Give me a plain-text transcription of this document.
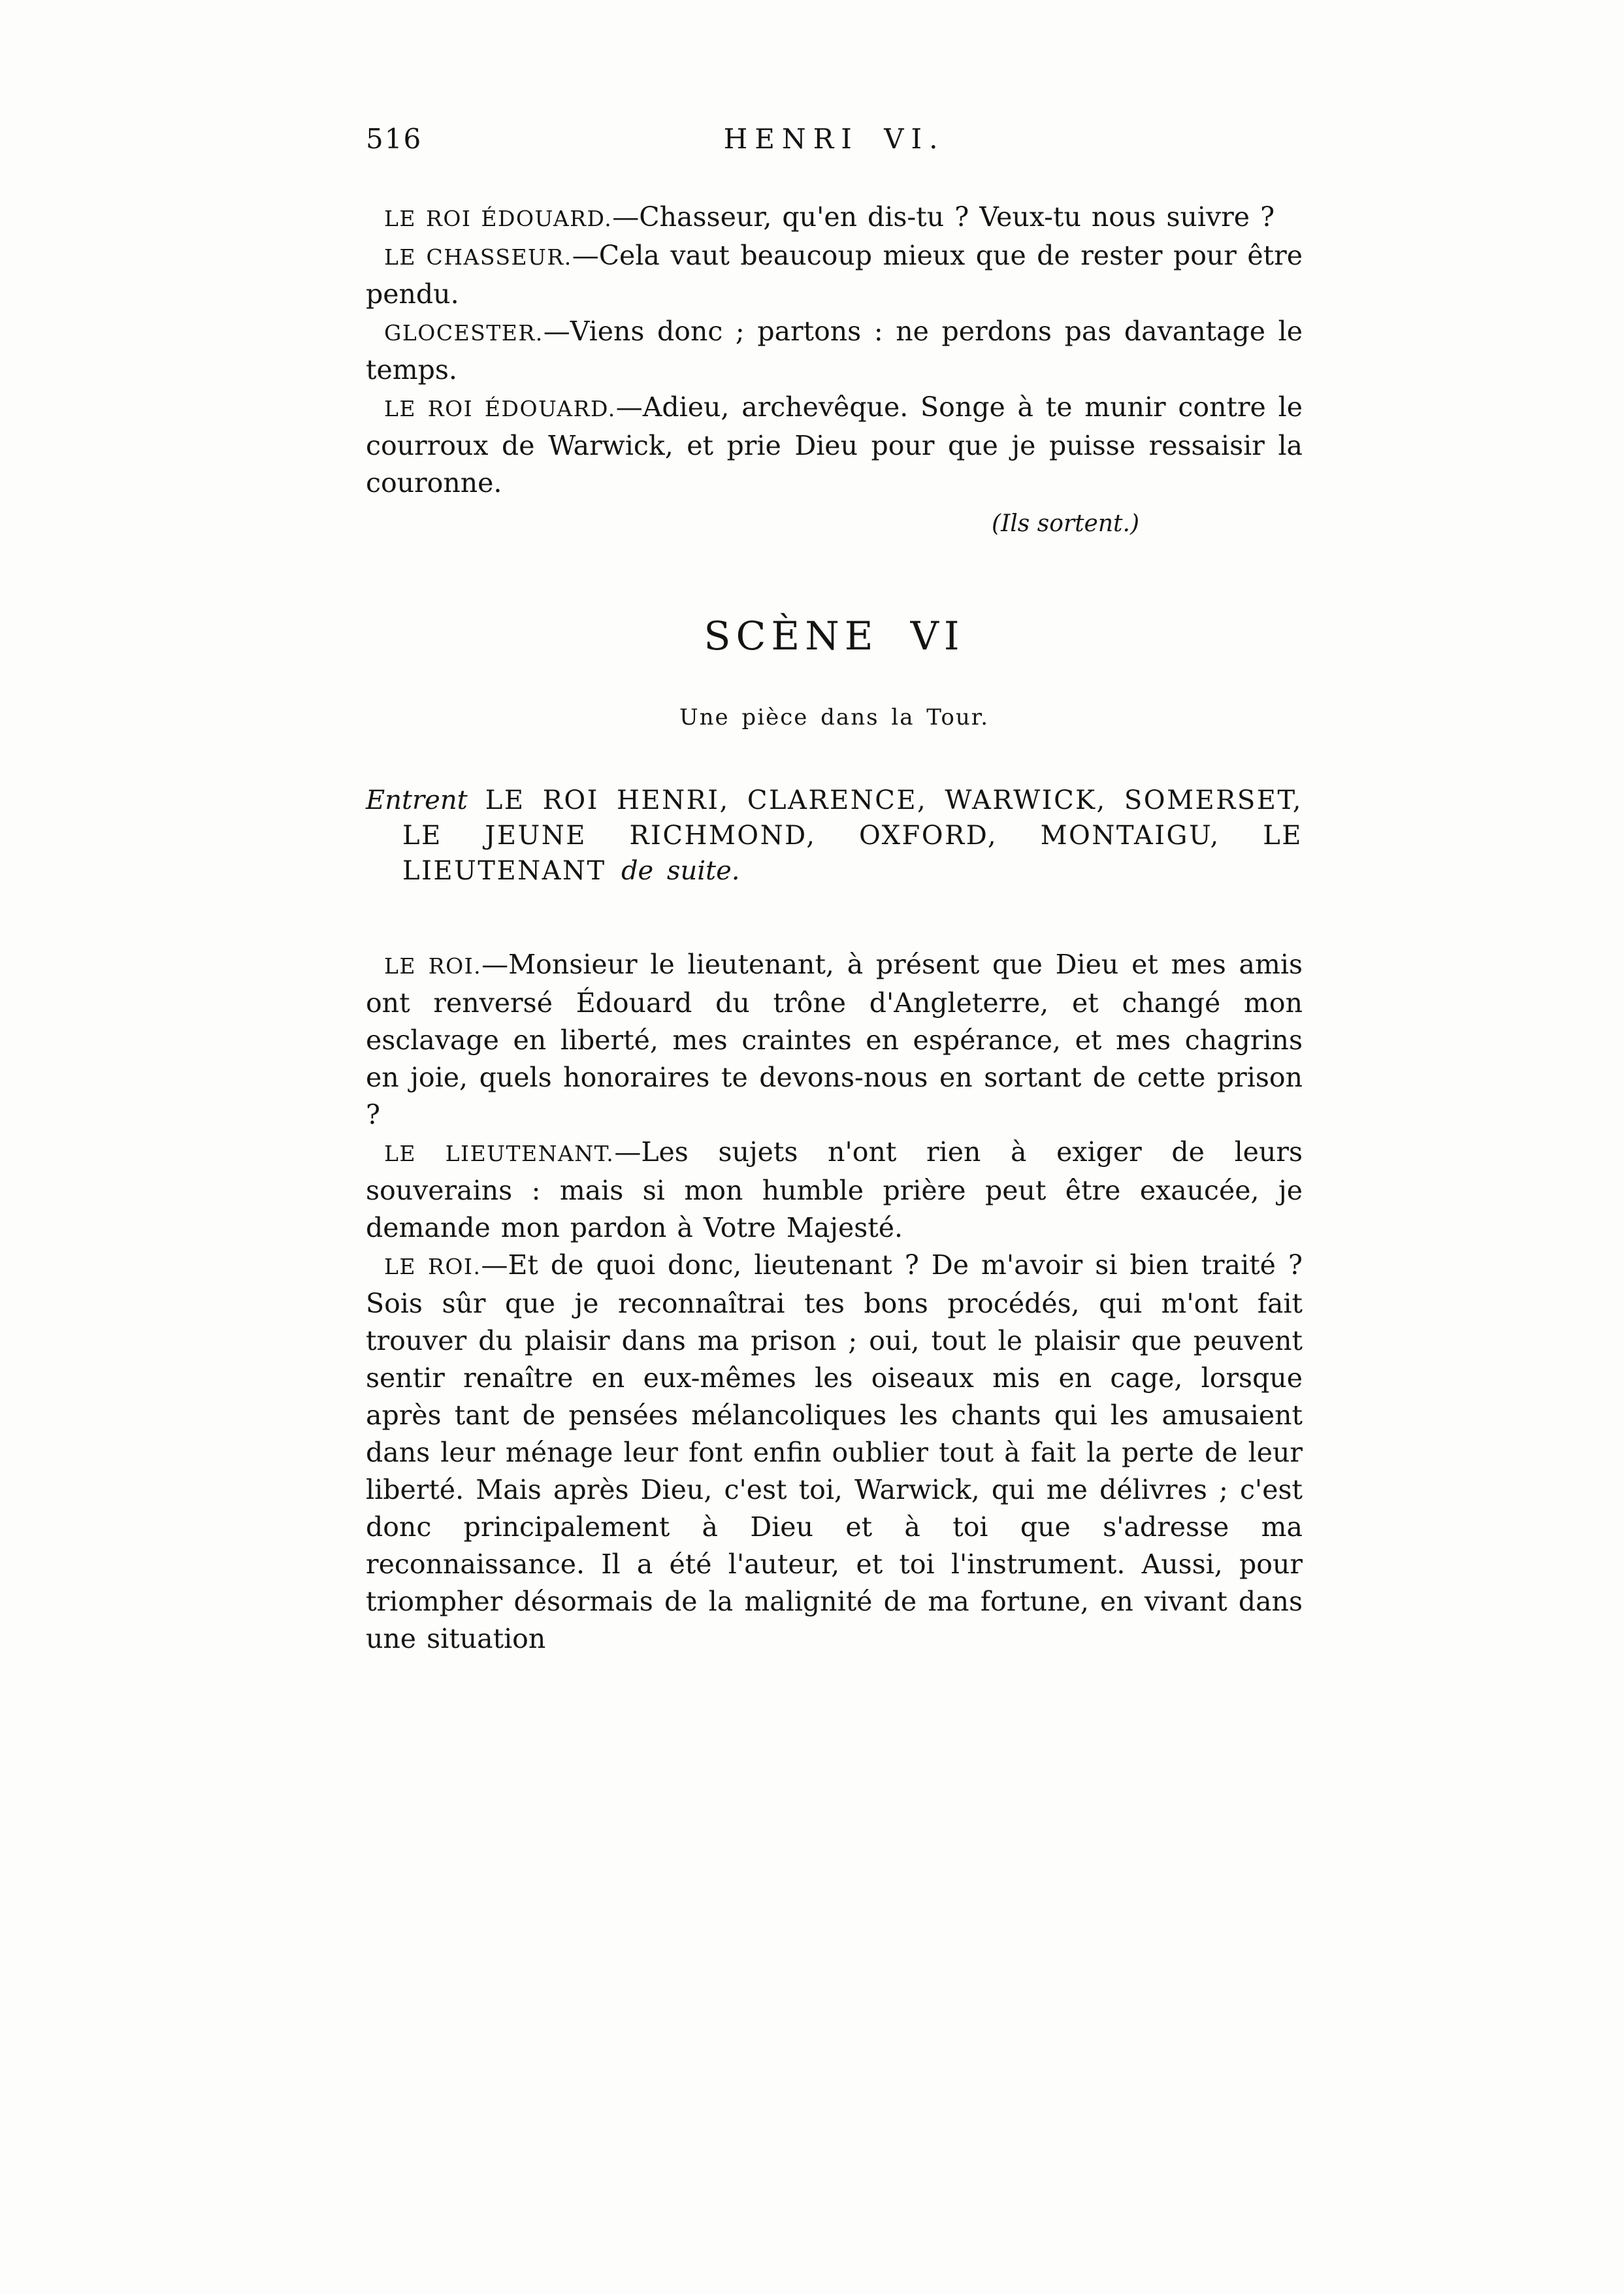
516	HENRI VI.

LE ROI ÉDOUARD.—Chasseur, qu'en dis-tu ? Veux-tu nous suivre ?

LE CHASSEUR.—Cela vaut beaucoup mieux que de rester pour être pendu.

GLOCESTER.—Viens donc ; partons : ne perdons pas davantage le temps.

LE ROI ÉDOUARD.—Adieu, archevêque. Songe à te munir contre le courroux de Warwick, et prie Dieu pour que je puisse ressaisir la couronne.

(Ils sortent.)

SCÈNE VI

Une pièce dans la Tour.

Entrent LE ROI HENRI, CLARENCE, WARWICK, SOMERSET, LE JEUNE RICHMOND, OXFORD, MONTAIGU, LE LIEUTENANT de suite.

LE ROI.—Monsieur le lieutenant, à présent que Dieu et mes amis ont renversé Édouard du trône d'Angleterre, et changé mon esclavage en liberté, mes craintes en espérance, et mes chagrins en joie, quels honoraires te devons-nous en sortant de cette prison ?

LE LIEUTENANT.—Les sujets n'ont rien à exiger de leurs souverains : mais si mon humble prière peut être exaucée, je demande mon pardon à Votre Majesté.

LE ROI.—Et de quoi donc, lieutenant ? De m'avoir si bien traité ? Sois sûr que je reconnaîtrai tes bons procédés, qui m'ont fait trouver du plaisir dans ma prison ; oui, tout le plaisir que peuvent sentir renaître en eux-mêmes les oiseaux mis en cage, lorsque après tant de pensées mélancoliques les chants qui les amusaient dans leur ménage leur font enfin oublier tout à fait la perte de leur liberté. Mais après Dieu, c'est toi, Warwick, qui me délivres ; c'est donc principalement à Dieu et à toi que s'adresse ma reconnaissance. Il a été l'auteur, et toi l'instrument. Aussi, pour triompher désormais de la malignité de ma fortune, en vivant dans une situation
